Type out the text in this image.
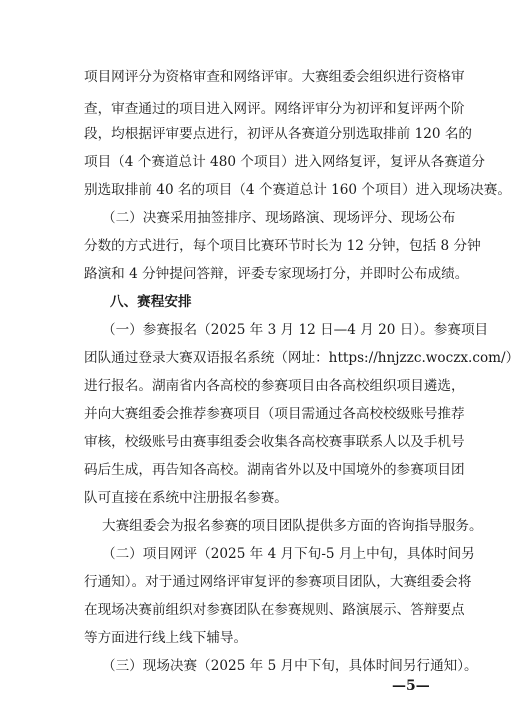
项目网评分为资格审查和网络评审。大赛组委会组织进行资格审
查，审查通过的项目进入网评。网络评审分为初评和复评两个阶
段，均根据评审要点进行，初评从各赛道分别选取排前 120 名的
项目（4 个赛道总计 480 个项目）进入网络复评，复评从各赛道分
别选取排前 40 名的项目（4 个赛道总计 160 个项目）进入现场决赛。
（二）决赛采用抽签排序、现场路演、现场评分、现场公布
分数的方式进行，每个项目比赛环节时长为 12 分钟，包括 8 分钟
路演和 4 分钟提问答辩，评委专家现场打分，并即时公布成绩。
八、赛程安排
（一）参赛报名（2025 年 3 月 12 日—4 月 20 日）。参赛项目
团队通过登录大赛双语报名系统（网址：https://hnjzzc.woczx.com/）
进行报名。湖南省内各高校的参赛项目由各高校组织项目遴选，
并向大赛组委会推荐参赛项目（项目需通过各高校校级账号推荐
审核，校级账号由赛事组委会收集各高校赛事联系人以及手机号
码后生成，再告知各高校。湖南省外以及中国境外的参赛项目团
队可直接在系统中注册报名参赛。
大赛组委会为报名参赛的项目团队提供多方面的咨询指导服务。
（二）项目网评（2025 年 4 月下旬-5 月上中旬，具体时间另
行通知）。对于通过网络评审复评的参赛项目团队，大赛组委会将
在现场决赛前组织对参赛团队在参赛规则、路演展示、答辩要点
等方面进行线上线下辅导。
（三）现场决赛（2025 年 5 月中下旬，具体时间另行通知）。
—5—
